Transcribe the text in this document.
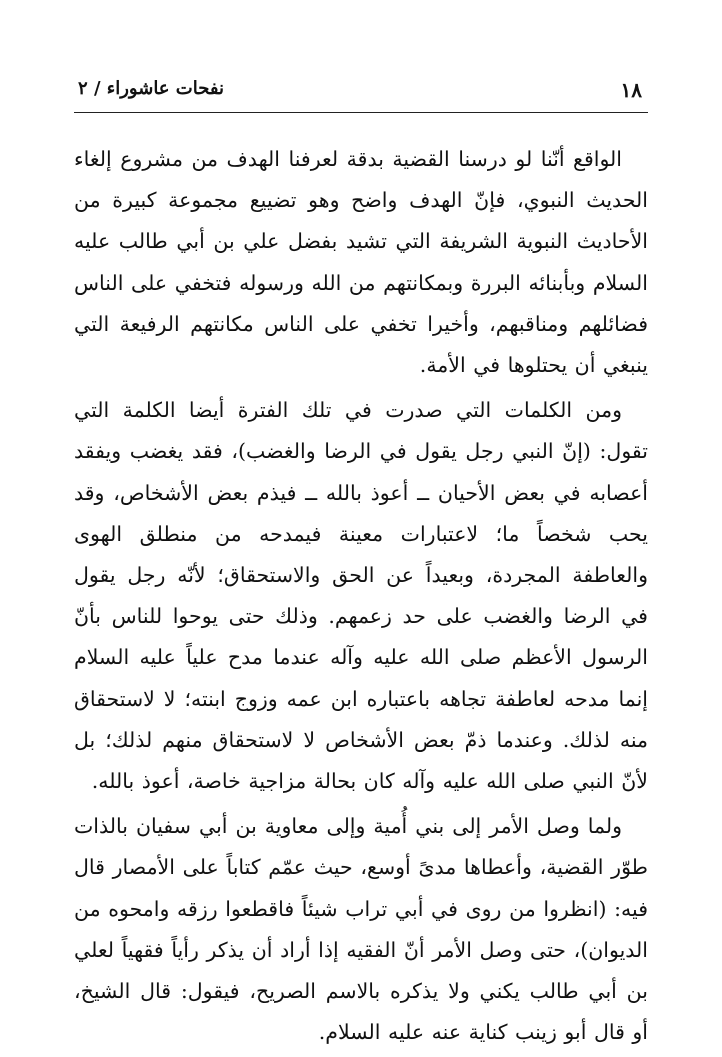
١٨
نفحات عاشوراء / ٢

الواقع أنّنا لو درسنا القضية بدقة لعرفنا الهدف من مشروع إلغاء الحديث النبوي، فإنّ الهدف واضح وهو تضييع مجموعة كبيرة من الأحاديث النبوية الشريفة التي تشيد بفضل علي بن أبي طالب عليه السلام وبأبنائه البررة وبمكانتهم من الله ورسوله فتخفي على الناس فضائلهم ومناقبهم، وأخيرا تخفي على الناس مكانتهم الرفيعة التي ينبغي أن يحتلوها في الأمة.

ومن الكلمات التي صدرت في تلك الفترة أيضا الكلمة التي تقول: (إنّ النبي رجل يقول في الرضا والغضب)، فقد يغضب ويفقد أعصابه في بعض الأحيان ــ أعوذ بالله ــ فيذم بعض الأشخاص، وقد يحب شخصاً ما؛ لاعتبارات معينة فيمدحه من منطلق الهوى والعاطفة المجردة، وبعيداً عن الحق والاستحقاق؛ لأنّه رجل يقول في الرضا والغضب على حد زعمهم. وذلك حتى يوحوا للناس بأنّ الرسول الأعظم صلى الله عليه وآله عندما مدح علياً عليه السلام إنما مدحه لعاطفة تجاهه باعتباره ابن عمه وزوج ابنته؛ لا لاستحقاق منه لذلك. وعندما ذمّ بعض الأشخاص لا لاستحقاق منهم لذلك؛ بل لأنّ النبي صلى الله عليه وآله كان بحالة مزاجية خاصة، أعوذ بالله.

ولما وصل الأمر إلى بني أُمية وإلى معاوية بن أبي سفيان بالذات طوّر القضية، وأعطاها مدىً أوسع، حيث عمّم كتاباً على الأمصار قال فيه: (انظروا من روى في أبي تراب شيئاً فاقطعوا رزقه وامحوه من الديوان)، حتى وصل الأمر أنّ الفقيه إذا أراد أن يذكر رأياً فقهياً لعلي بن أبي طالب يكني ولا يذكره بالاسم الصريح، فيقول: قال الشيخ، أو قال أبو زينب كناية عنه عليه السلام.
